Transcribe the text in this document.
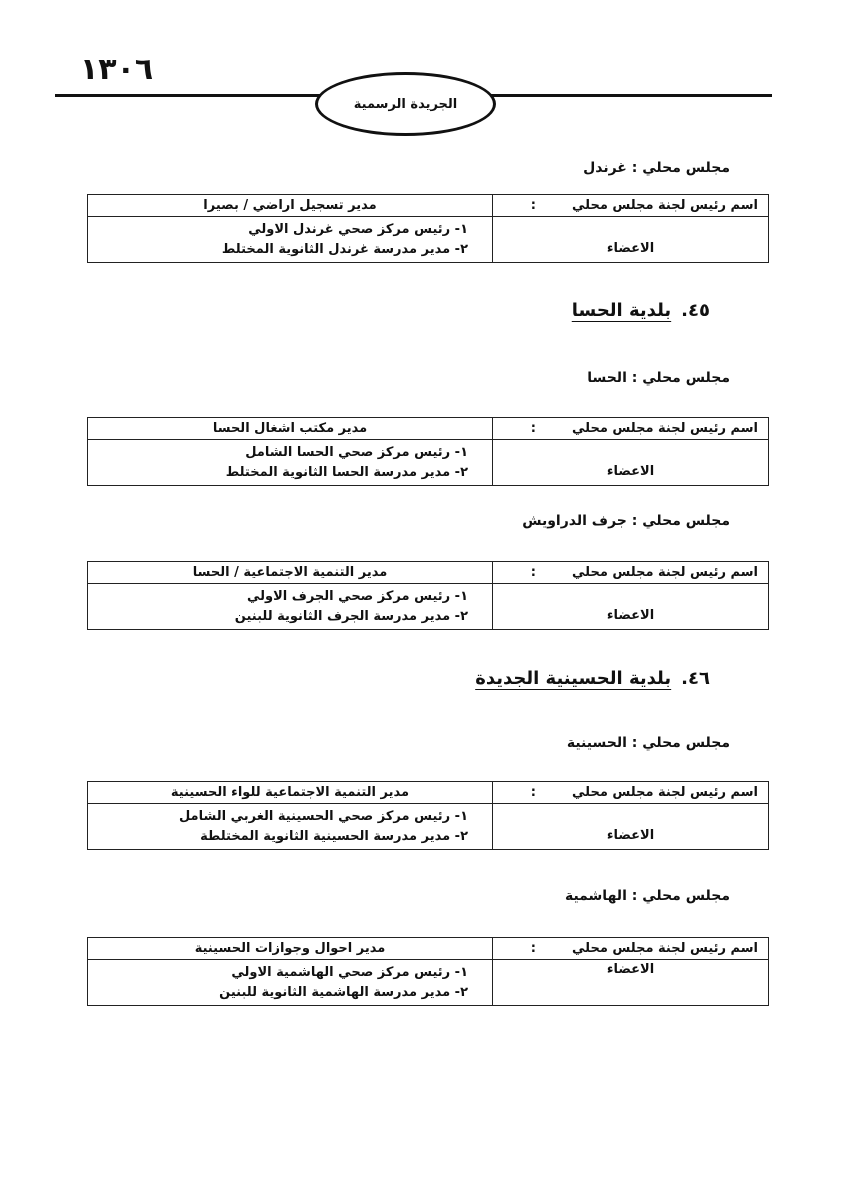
١٣٠٦
الجريدة الرسمية
مجلس محلي : غرندل
اسم رئيس لجنة مجلس محلي:	مدير تسجيل اراضي / بصيرا
الاعضاء	١- رئيس مركز صحي غرندل الاولي
٢- مدير مدرسة غرندل الثانوية المختلط
٤٥.بلدية الحسا
مجلس محلي : الحسا
اسم رئيس لجنة مجلس محلي:	مدير مكتب اشغال الحسا
الاعضاء	١- رئيس مركز صحي الحسا الشامل
٢- مدير مدرسة الحسا الثانوية المختلط
مجلس محلي : جرف الدراويش
اسم رئيس لجنة مجلس محلي:	مدير التنمية الاجتماعية / الحسا
الاعضاء	١- رئيس مركز صحي الجرف الاولي
٢- مدير مدرسة الجرف الثانوية للبنين
٤٦.بلدية الحسينية الجديدة
مجلس محلي : الحسينية
اسم رئيس لجنة مجلس محلي:	مدير التنمية الاجتماعية للواء الحسينية
الاعضاء	١- رئيس مركز صحي الحسينية الغربي الشامل
٢- مدير مدرسة الحسينية الثانوية المختلطة
مجلس محلي : الهاشمية
اسم رئيس لجنة مجلس محلي:	مدير احوال وجوازات الحسينية
الاعضاء	١- رئيس مركز صحي الهاشمية الاولي
٢- مدير مدرسة الهاشمية الثانوية للبنين
